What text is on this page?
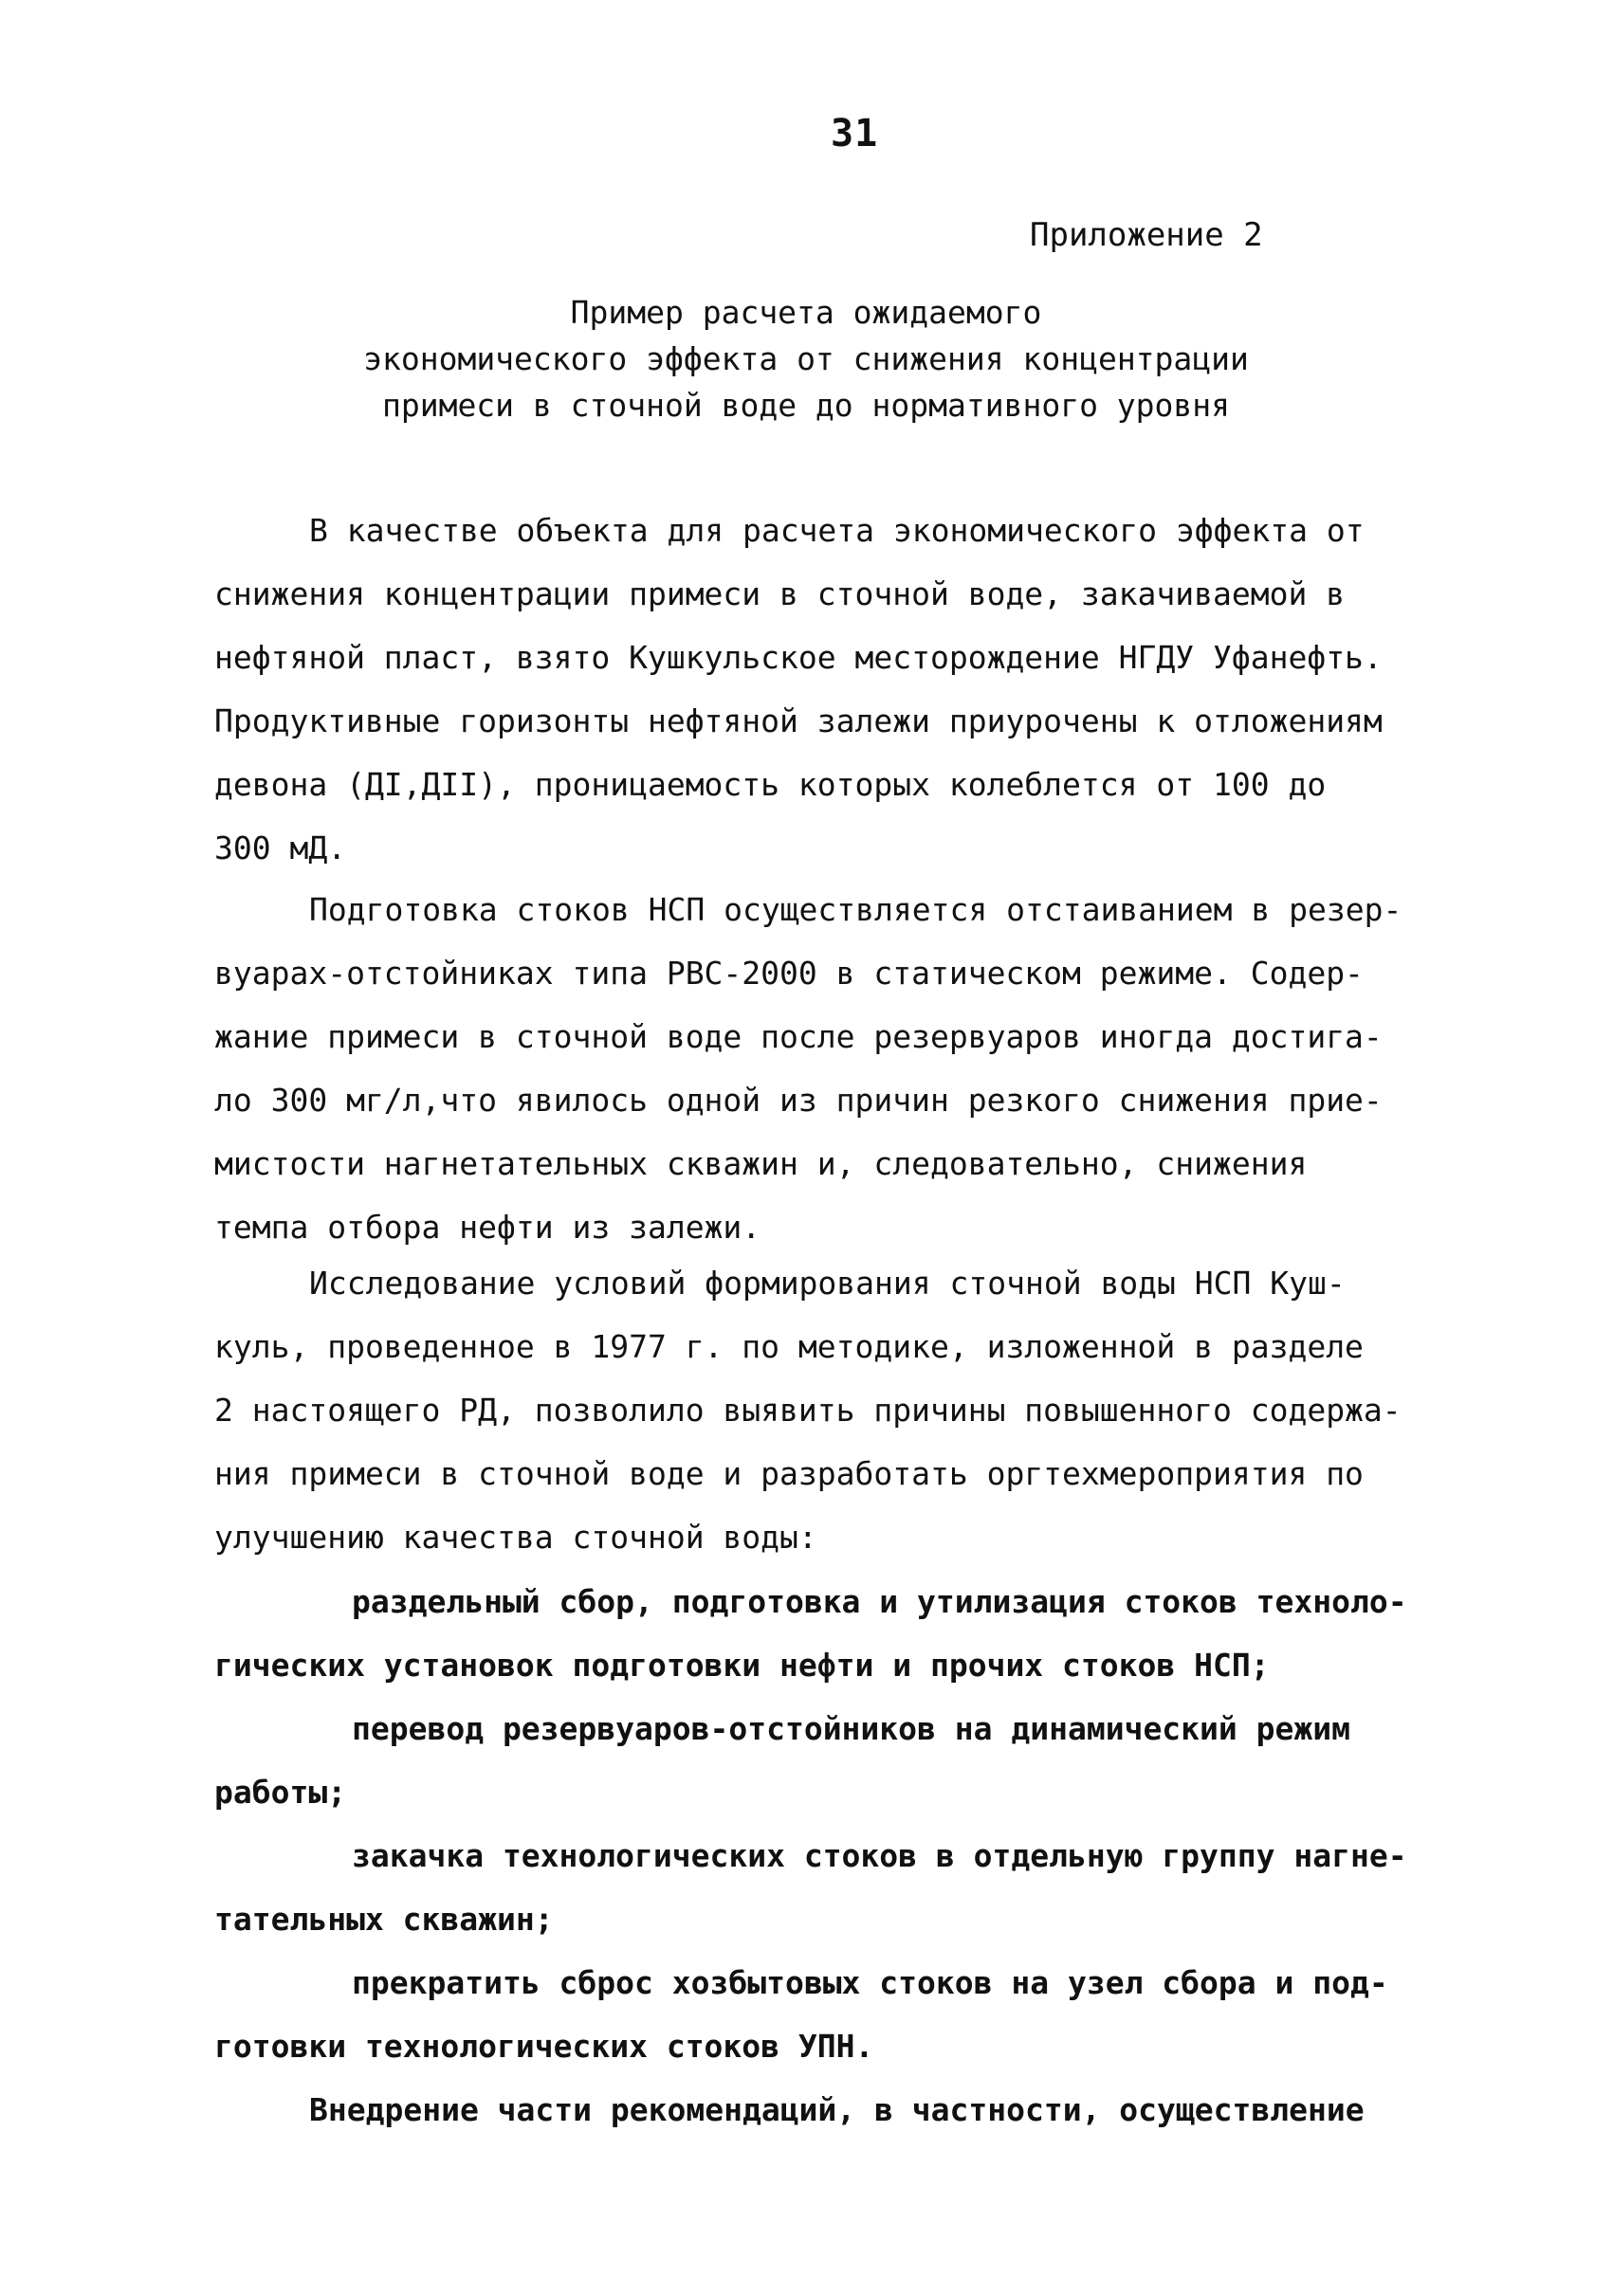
31
Приложение 2
Пример расчета ожидаемого
экономического эффекта от снижения концентрации
примеси в сточной воде до нормативного уровня
В качестве объекта для расчета экономического эффекта от
снижения концентрации примеси в сточной воде, закачиваемой в
нефтяной пласт, взято Кушкульское месторождение НГДУ Уфанефть.
Продуктивные горизонты нефтяной залежи приурочены к отложениям
девона (ДI,ДII), проницаемость которых колеблется от 100 до
300 мД.
Подготовка стоков НСП осуществляется отстаиванием в резер-
вуарах-отстойниках типа РВС-2000 в статическом режиме. Содер-
жание примеси в сточной воде после резервуаров иногда достига-
ло 300 мг/л,что явилось одной из причин резкого снижения прие-
мистости нагнетательных скважин и, следовательно, снижения
темпа отбора нефти из залежи.
Исследование условий формирования сточной воды НСП Куш-
куль, проведенное в 1977 г. по методике, изложенной в разделе
2 настоящего РД, позволило выявить причины повышенного содержа-
ния примеси в сточной воде и разработать оргтехмероприятия по
улучшению качества сточной воды:
раздельный сбор, подготовка и утилизация стоков техноло-
гических установок подготовки нефти и прочих стоков НСП;
перевод резервуаров-отстойников на динамический режим
работы;
закачка технологических стоков в отдельную группу нагне-
тательных скважин;
прекратить сброс хозбытовых стоков на узел сбора и под-
готовки технологических стоков УПН.
Внедрение части рекомендаций, в частности, осуществление
